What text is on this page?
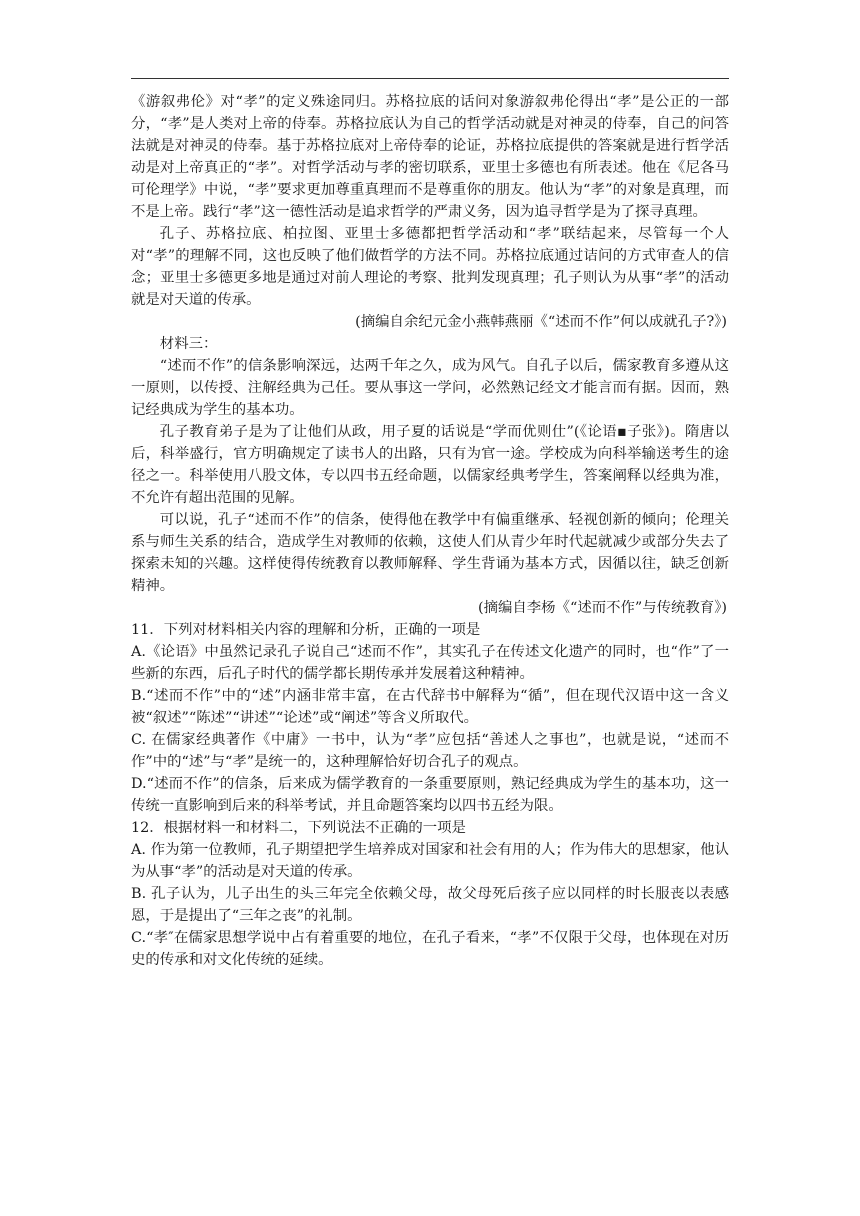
《游叙弗伦》对“孝”的定义殊途同归。苏格拉底的话问对象游叙弗伦得出“孝”是公正的一部分，“孝”是人类对上帝的侍奉。苏格拉底认为自己的哲学活动就是对神灵的侍奉，自己的问答法就是对神灵的侍奉。基于苏格拉底对上帝侍奉的论证，苏格拉底提供的答案就是进行哲学活动是对上帝真正的“孝”。对哲学活动与孝的密切联系，亚里士多德也有所表述。他在《尼各马可伦理学》中说，“孝”要求更加尊重真理而不是尊重你的朋友。他认为“孝”的对象是真理，而不是上帝。践行“孝”这一德性活动是追求哲学的严肃义务，因为追寻哲学是为了探寻真理。

孔子、苏格拉底、柏拉图、亚里士多德都把哲学活动和“孝”联结起来，尽管每一个人对“孝”的理解不同，这也反映了他们做哲学的方法不同。苏格拉底通过诘问的方式审查人的信念；亚里士多德更多地是通过对前人理论的考察、批判发现真理；孔子则认为从事“孝”的活动就是对天道的传承。

(摘编自余纪元金小燕韩燕丽《“述而不作”何以成就孔子?》)

材料三：

“述而不作”的信条影响深远，达两千年之久，成为风气。自孔子以后，儒家教育多遵从这一原则，以传授、注解经典为己任。要从事这一学问，必然熟记经文才能言而有据。因而，熟记经典成为学生的基本功。

孔子教育弟子是为了让他们从政，用子夏的话说是“学而优则仕”(《论语▪子张》)。隋唐以后，科举盛行，官方明确规定了读书人的出路，只有为官一途。学校成为向科举输送考生的途径之一。科举使用八股文体，专以四书五经命题，以儒家经典考学生，答案阐释以经典为准，不允许有超出范围的见解。

可以说，孔子“述而不作”的信条，使得他在教学中有偏重继承、轻视创新的倾向；伦理关系与师生关系的结合，造成学生对教师的依赖，这使人们从青少年时代起就减少或部分失去了探索未知的兴趣。这样使得传统教育以教师解释、学生背诵为基本方式，因循以往，缺乏创新精神。

(摘编自李杨《“述而不作”与传统教育》)

11．下列对材料相关内容的理解和分析，正确的一项是

A.《论语》中虽然记录孔子说自己“述而不作”，其实孔子在传述文化遗产的同时，也“作”了一些新的东西，后孔子时代的儒学都长期传承并发展着这种精神。

B.“述而不作”中的“述”内涵非常丰富，在古代辞书中解释为“循”，但在现代汉语中这一含义被“叙述”“陈述”“讲述”“论述”或“阐述”等含义所取代。

C. 在儒家经典著作《中庸》一书中，认为“孝”应包括“善述人之事也”，也就是说，“述而不作”中的“述”与“孝”是统一的，这种理解恰好切合孔子的观点。

D.“述而不作”的信条，后来成为儒学教育的一条重要原则，熟记经典成为学生的基本功，这一传统一直影响到后来的科举考试，并且命题答案均以四书五经为限。

12．根据材料一和材料二，下列说法不正确的一项是

A. 作为第一位教师，孔子期望把学生培养成对国家和社会有用的人；作为伟大的思想家，他认为从事“孝”的活动是对天道的传承。

B. 孔子认为，儿子出生的头三年完全依赖父母，故父母死后孩子应以同样的时长服丧以表感恩，于是提出了“三年之丧”的礼制。

C.“孝″在儒家思想学说中占有着重要的地位，在孔子看来，“孝”不仅限于父母，也体现在对历史的传承和对文化传统的延续。
